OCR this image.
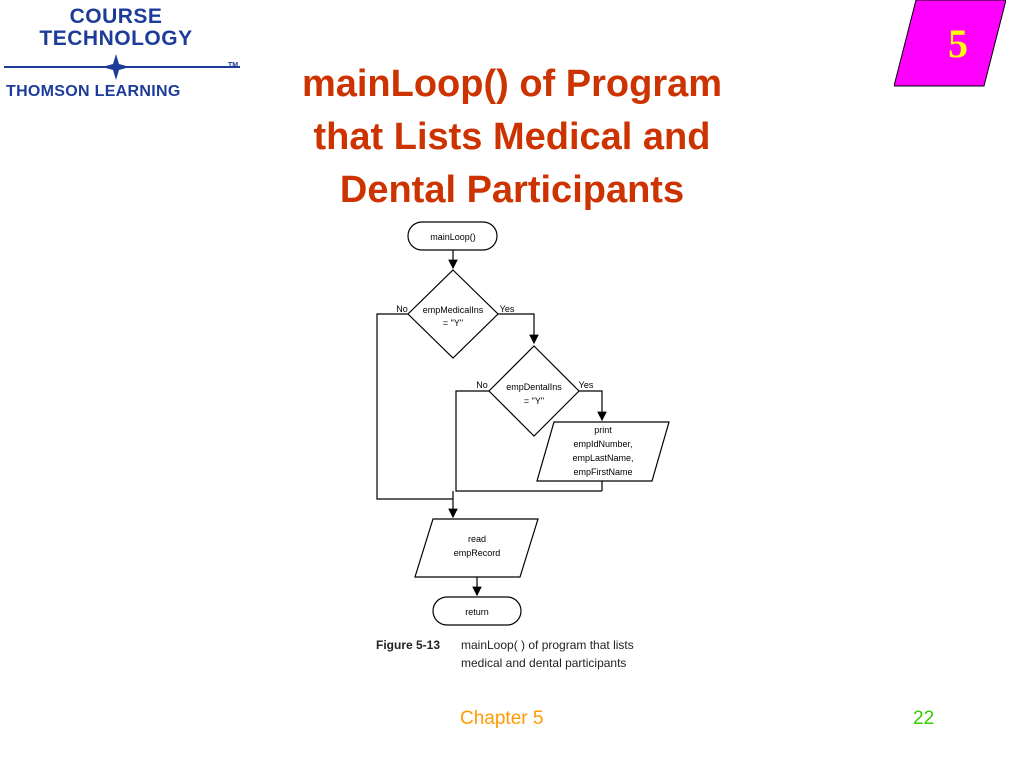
COURSE
TECHNOLOGY
TM
THOMSON LEARNING
5
mainLoop() of Program
that Lists Medical and
Dental Participants
mainLoop()
empMedicalIns
= "Y"
No	Yes
empDentalIns
= "Y"
No	Yes
print
empIdNumber,
empLastName,
empFirstName
read
empRecord
return
Figure 5-13 mainLoop( ) of program that lists
medical and dental participants
Chapter 5	22
